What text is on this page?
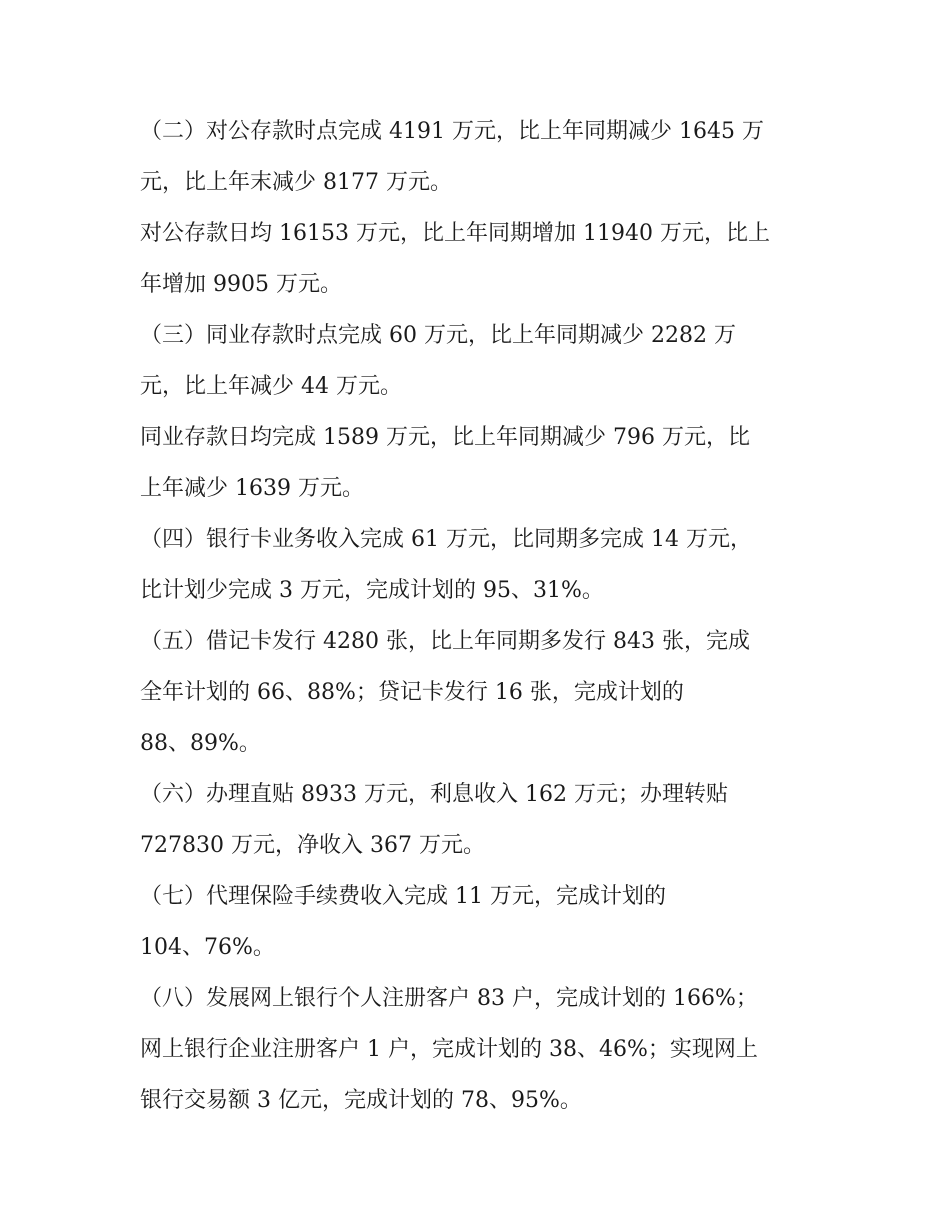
（二）对公存款时点完成 4191 万元，比上年同期减少 1645 万
元，比上年末减少 8177 万元。
对公存款日均 16153 万元，比上年同期增加 11940 万元，比上
年增加 9905 万元。
（三）同业存款时点完成 60 万元，比上年同期减少 2282 万
元，比上年减少 44 万元。
同业存款日均完成 1589 万元，比上年同期减少 796 万元，比
上年减少 1639 万元。
（四）银行卡业务收入完成 61 万元，比同期多完成 14 万元，
比计划少完成 3 万元，完成计划的 95、31%。
（五）借记卡发行 4280 张，比上年同期多发行 843 张，完成
全年计划的 66、88%；贷记卡发行 16 张，完成计划的
88、89%。
（六）办理直贴 8933 万元，利息收入 162 万元；办理转贴
727830 万元，净收入 367 万元。
（七）代理保险手续费收入完成 11 万元，完成计划的
104、76%。
（八）发展网上银行个人注册客户 83 户，完成计划的 166%；
网上银行企业注册客户 1 户，完成计划的 38、46%；实现网上
银行交易额 3 亿元，完成计划的 78、95%。
